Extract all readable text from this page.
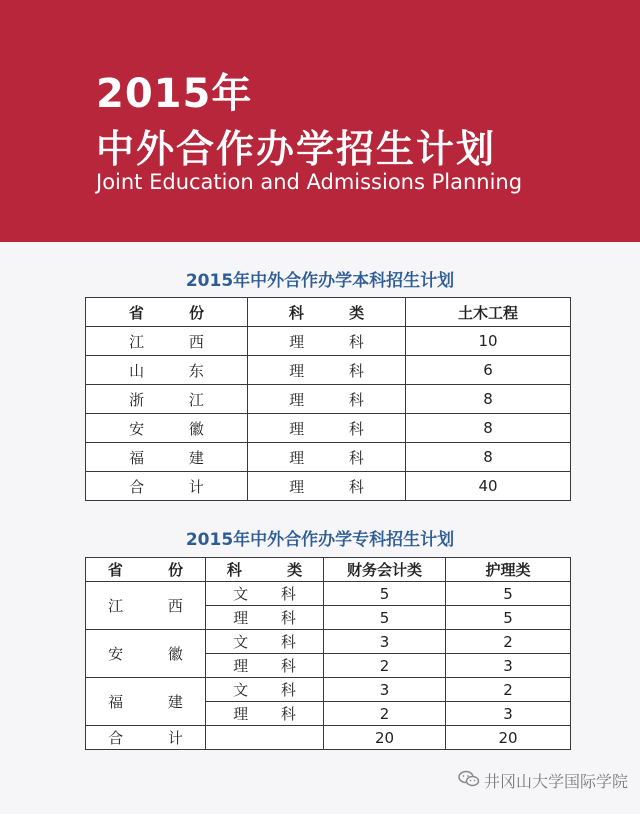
2015年
中外合作办学招生计划
Joint Education and Admissions Planning
2015年中外合作办学本科招生计划
省 份	科 类	土木工程
江 西	理 科	10
山 东	理 科	6
浙 江	理 科	8
安 徽	理 科	8
福 建	理 科	8
合 计	理 科	40
2015年中外合作办学专科招生计划
省 份	科 类	财务会计类	护理类
江 西	文 科	5	5
	理 科	5	5
安 徽	文 科	3	2
	理 科	2	3
福 建	文 科	3	2
	理 科	2	3
合 计		20	20
井冈山大学国际学院
